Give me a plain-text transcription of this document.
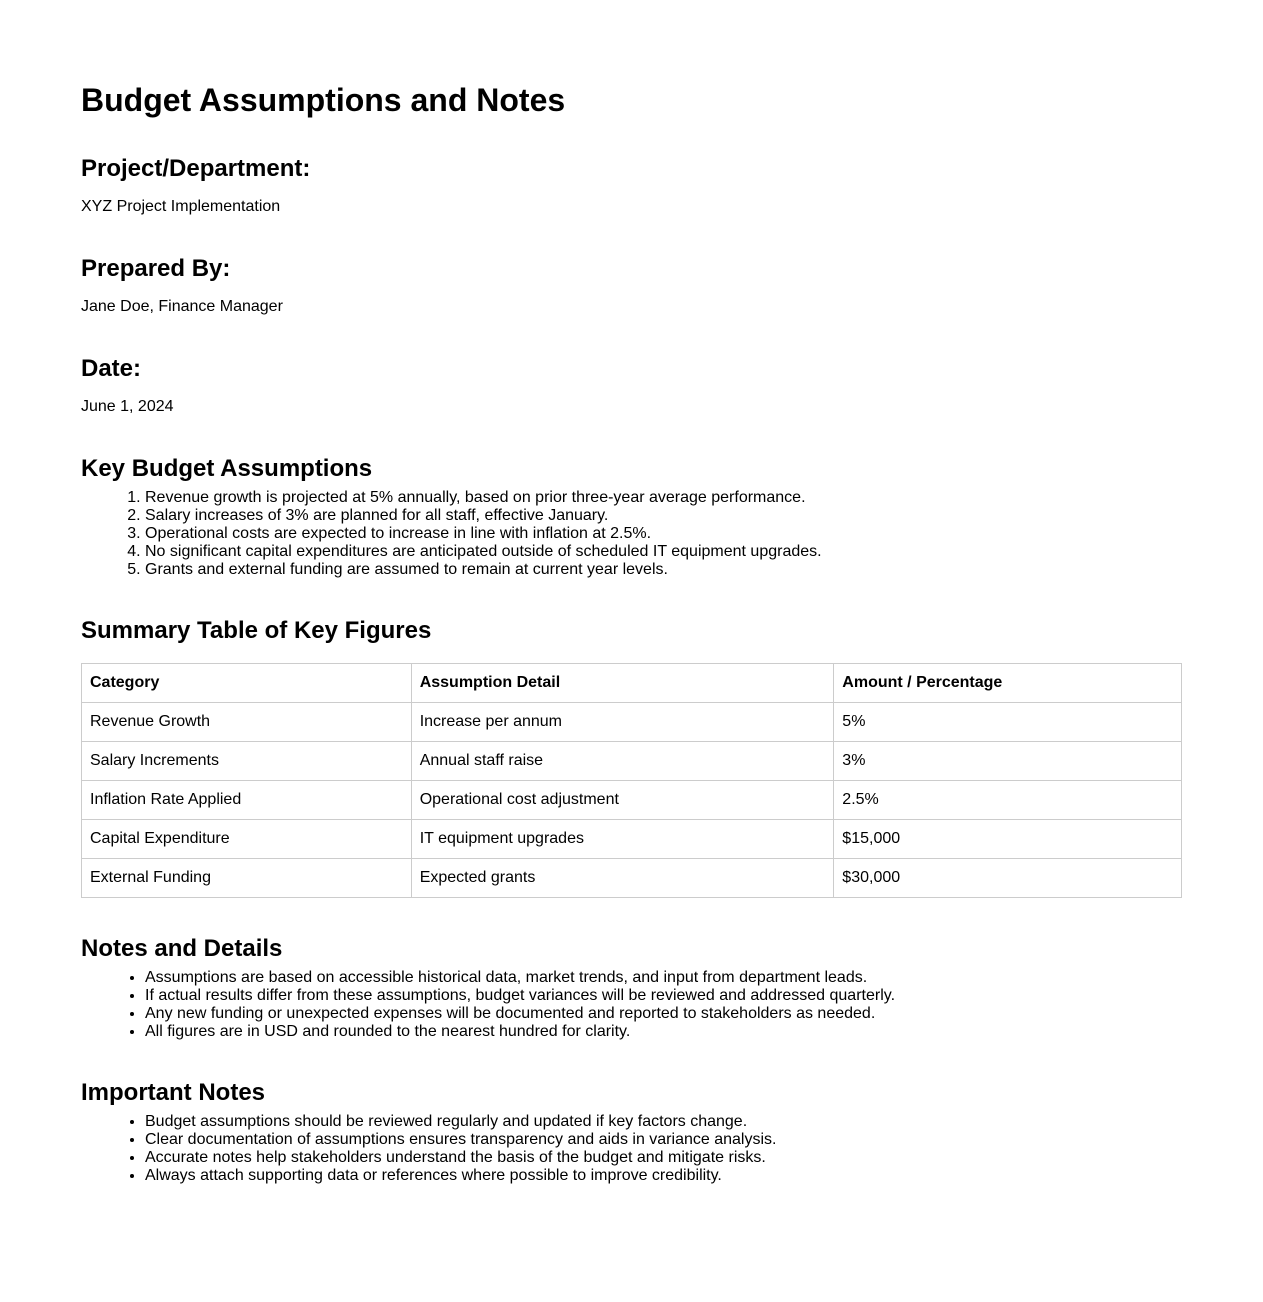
Budget Assumptions and Notes
Project/Department:

XYZ Project Implementation

Prepared By:

Jane Doe, Finance Manager

Date:

June 1, 2024

Key Budget Assumptions
1. Revenue growth is projected at 5% annually, based on prior three-year average performance.
2. Salary increases of 3% are planned for all staff, effective January.
3. Operational costs are expected to increase in line with inflation at 2.5%.
4. No significant capital expenditures are anticipated outside of scheduled IT equipment upgrades.
5. Grants and external funding are assumed to remain at current year levels.
Summary Table of Key Figures
Category	Assumption Detail	Amount / Percentage
Revenue Growth	Increase per annum	5%
Salary Increments	Annual staff raise	3%
Inflation Rate Applied	Operational cost adjustment	2.5%
Capital Expenditure	IT equipment upgrades	$15,000
External Funding	Expected grants	$30,000
Notes and Details
• Assumptions are based on accessible historical data, market trends, and input from department leads.
• If actual results differ from these assumptions, budget variances will be reviewed and addressed quarterly.
• Any new funding or unexpected expenses will be documented and reported to stakeholders as needed.
• All figures are in USD and rounded to the nearest hundred for clarity.
Important Notes
• Budget assumptions should be reviewed regularly and updated if key factors change.
• Clear documentation of assumptions ensures transparency and aids in variance analysis.
• Accurate notes help stakeholders understand the basis of the budget and mitigate risks.
• Always attach supporting data or references where possible to improve credibility.
